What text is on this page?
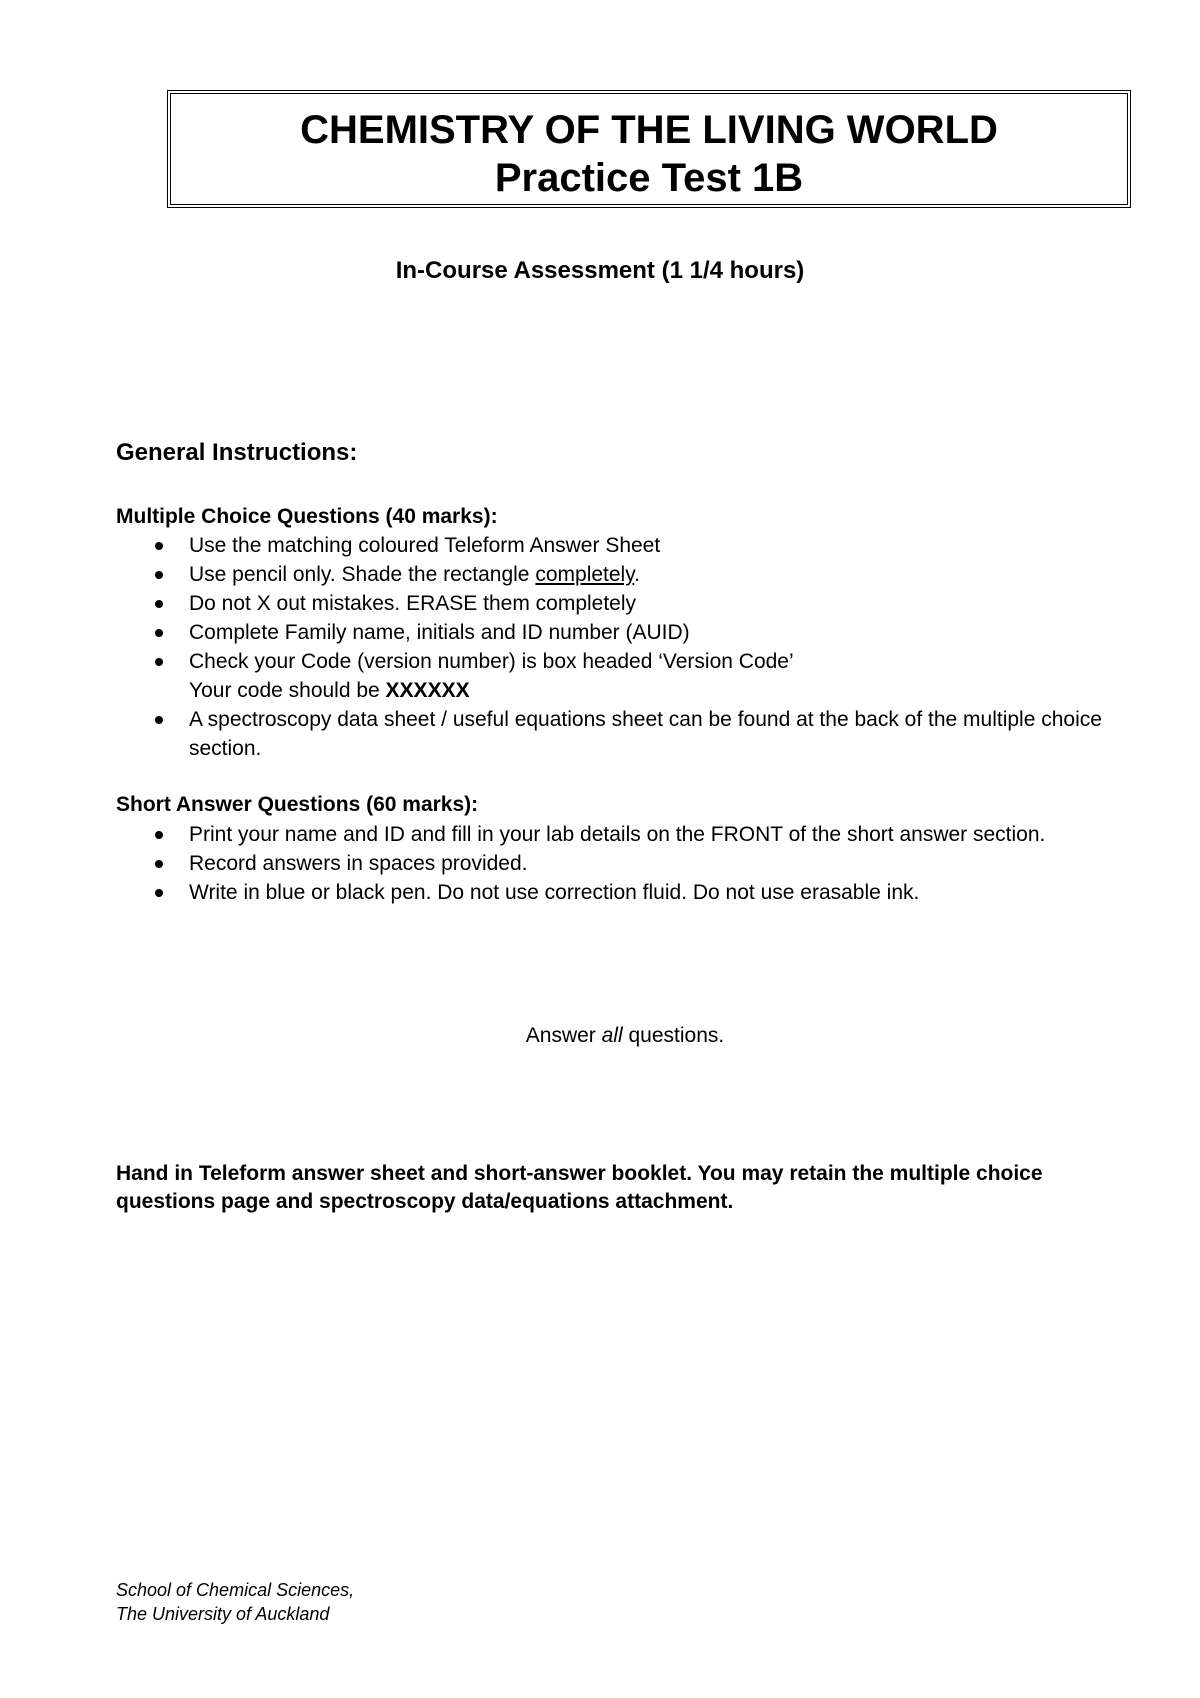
CHEMISTRY OF THE LIVING WORLD
Practice Test 1B
In-Course Assessment (1 1/4 hours)
General Instructions:
Multiple Choice Questions (40 marks):
Use the matching coloured Teleform Answer Sheet
Use pencil only. Shade the rectangle completely.
Do not X out mistakes. ERASE them completely
Complete Family name, initials and ID number (AUID)
Check your Code (version number) is box headed ‘Version Code’
Your code should be XXXXXX
A spectroscopy data sheet / useful equations sheet can be found at the back of the multiple choice section.
Short Answer Questions (60 marks):
Print your name and ID and fill in your lab details on the FRONT of the short answer section.
Record answers in spaces provided.
Write in blue or black pen. Do not use correction fluid. Do not use erasable ink.
Answer all questions.
Hand in Teleform answer sheet and short-answer booklet. You may retain the multiple choice questions page and spectroscopy data/equations attachment.
School of Chemical Sciences,
The University of Auckland
